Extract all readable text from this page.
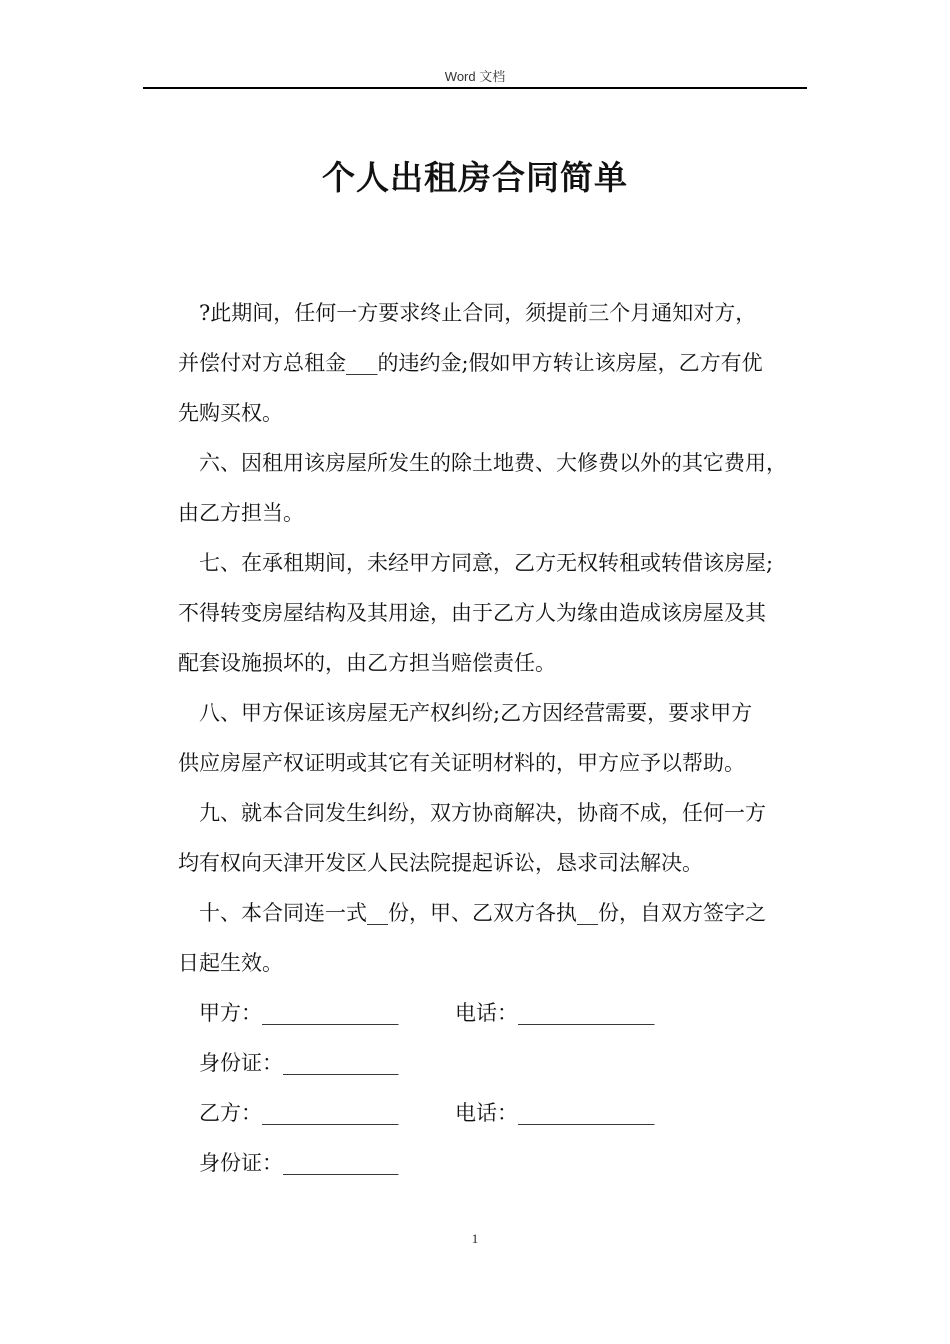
Word 文档
个人出租房合同简单
?此期间，任何一方要求终止合同，须提前三个月通知对方，
并偿付对方总租金___的违约金;假如甲方转让该房屋，乙方有优
先购买权。
六、因租用该房屋所发生的除土地费、大修费以外的其它费用，
由乙方担当。
七、在承租期间，未经甲方同意，乙方无权转租或转借该房屋;
不得转变房屋结构及其用途，由于乙方人为缘由造成该房屋及其
配套设施损坏的，由乙方担当赔偿责任。
八、甲方保证该房屋无产权纠纷;乙方因经营需要，要求甲方
供应房屋产权证明或其它有关证明材料的，甲方应予以帮助。
九、就本合同发生纠纷，双方协商解决，协商不成，任何一方
均有权向天津开发区人民法院提起诉讼，恳求司法解决。
十、本合同连一式__份，甲、乙双方各执__份，自双方签字之
日起生效。
甲方：_____________	电话：_____________
身份证：___________
乙方：_____________	电话：_____________
身份证：___________
1
